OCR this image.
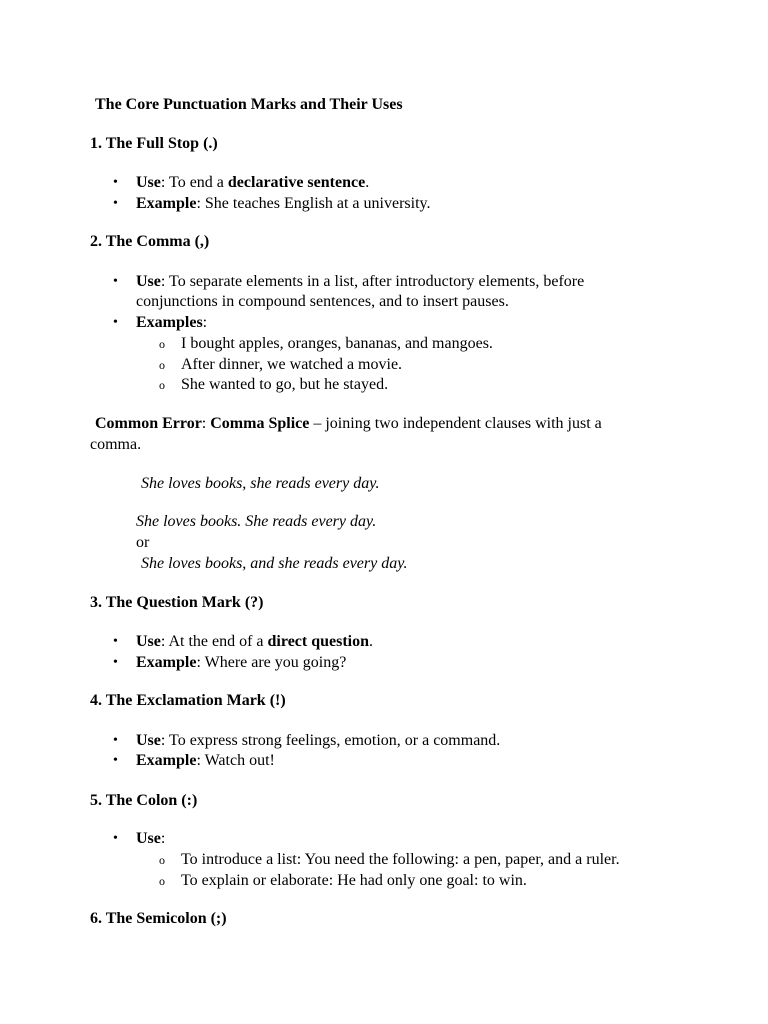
The Core Punctuation Marks and Their Uses
1. The Full Stop (.)
• Use: To end a declarative sentence.
• Example: She teaches English at a university.
2. The Comma (,)
• Use: To separate elements in a list, after introductory elements, before
conjunctions in compound sentences, and to insert pauses.
• Examples:
o I bought apples, oranges, bananas, and mangoes.
o After dinner, we watched a movie.
o She wanted to go, but he stayed.
Common Error: Comma Splice – joining two independent clauses with just a
comma.
She loves books, she reads every day.
She loves books. She reads every day.
or
She loves books, and she reads every day.
3. The Question Mark (?)
• Use: At the end of a direct question.
• Example: Where are you going?
4. The Exclamation Mark (!)
• Use: To express strong feelings, emotion, or a command.
• Example: Watch out!
5. The Colon (:)
• Use:
o To introduce a list: You need the following: a pen, paper, and a ruler.
o To explain or elaborate: He had only one goal: to win.
6. The Semicolon (;)
